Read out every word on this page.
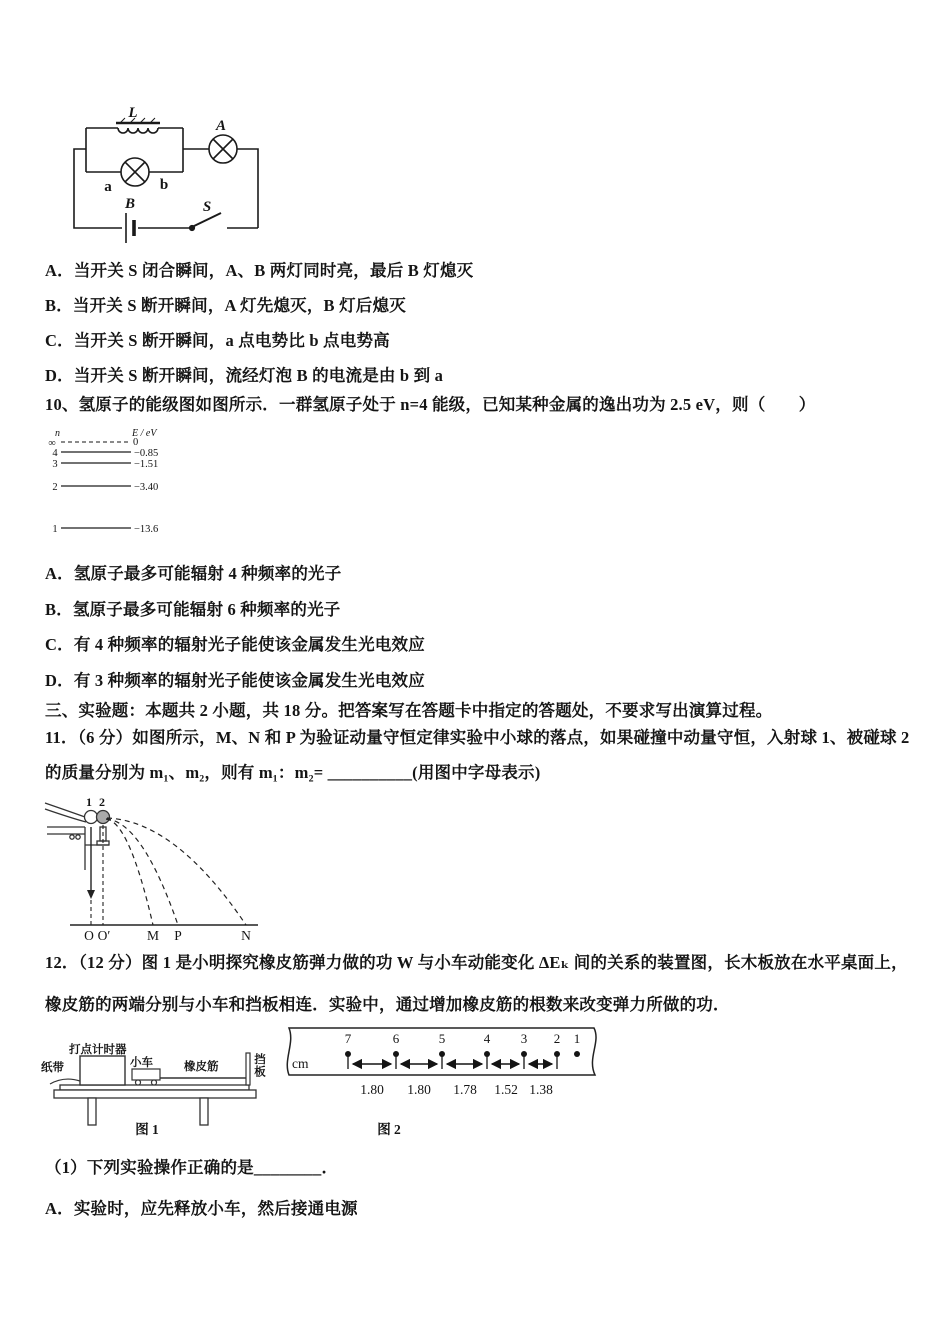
L
A
a	b
B	S
A．当开关 S 闭合瞬间，A、B 两灯同时亮，最后 B 灯熄灭
B．当开关 S 断开瞬间，A 灯先熄灭，B 灯后熄灭
C．当开关 S 断开瞬间，a 点电势比 b 点电势高
D．当开关 S 断开瞬间，流经灯泡 B 的电流是由 b 到 a
10、氢原子的能级图如图所示．一群氢原子处于 n=4 能级，已知某种金属的逸出功为 2.5 eV，则（　　）
n	E / eV
∞
4
3
2
1
0
−0.85
−1.51
−3.40
−13.6
A．氢原子最多可能辐射 4 种频率的光子
B．氢原子最多可能辐射 6 种频率的光子
C．有 4 种频率的辐射光子能使该金属发生光电效应
D．有 3 种频率的辐射光子能使该金属发生光电效应
三、实验题：本题共 2 小题，共 18 分。把答案写在答题卡中指定的答题处，不要求写出演算过程。
11．（6 分）如图所示，M、N 和 P 为验证动量守恒定律实验中小球的落点，如果碰撞中动量守恒，入射球 1、被碰球 2
的质量分别为 m₁、m₂，则有 m₁：m₂= __________(用图中字母表示)
1 2
O O′	M P	N
12．（12 分）图 1 是小明探究橡皮筋弹力做的功 W 与小车动能变化 ΔEₖ 间的关系的装置图，长木板放在水平桌面上，
橡皮筋的两端分别与小车和挡板相连．实验中，通过增加橡皮筋的根数来改变弹力所做的功．
打点计时器
纸带	小车	橡皮筋
图 1
挡板 cm
7	6	5	4 3 2 1
1.80 1.80 1.78 1.52 1.38
图 2
（1）下列实验操作正确的是________．
A．实验时，应先释放小车，然后接通电源
